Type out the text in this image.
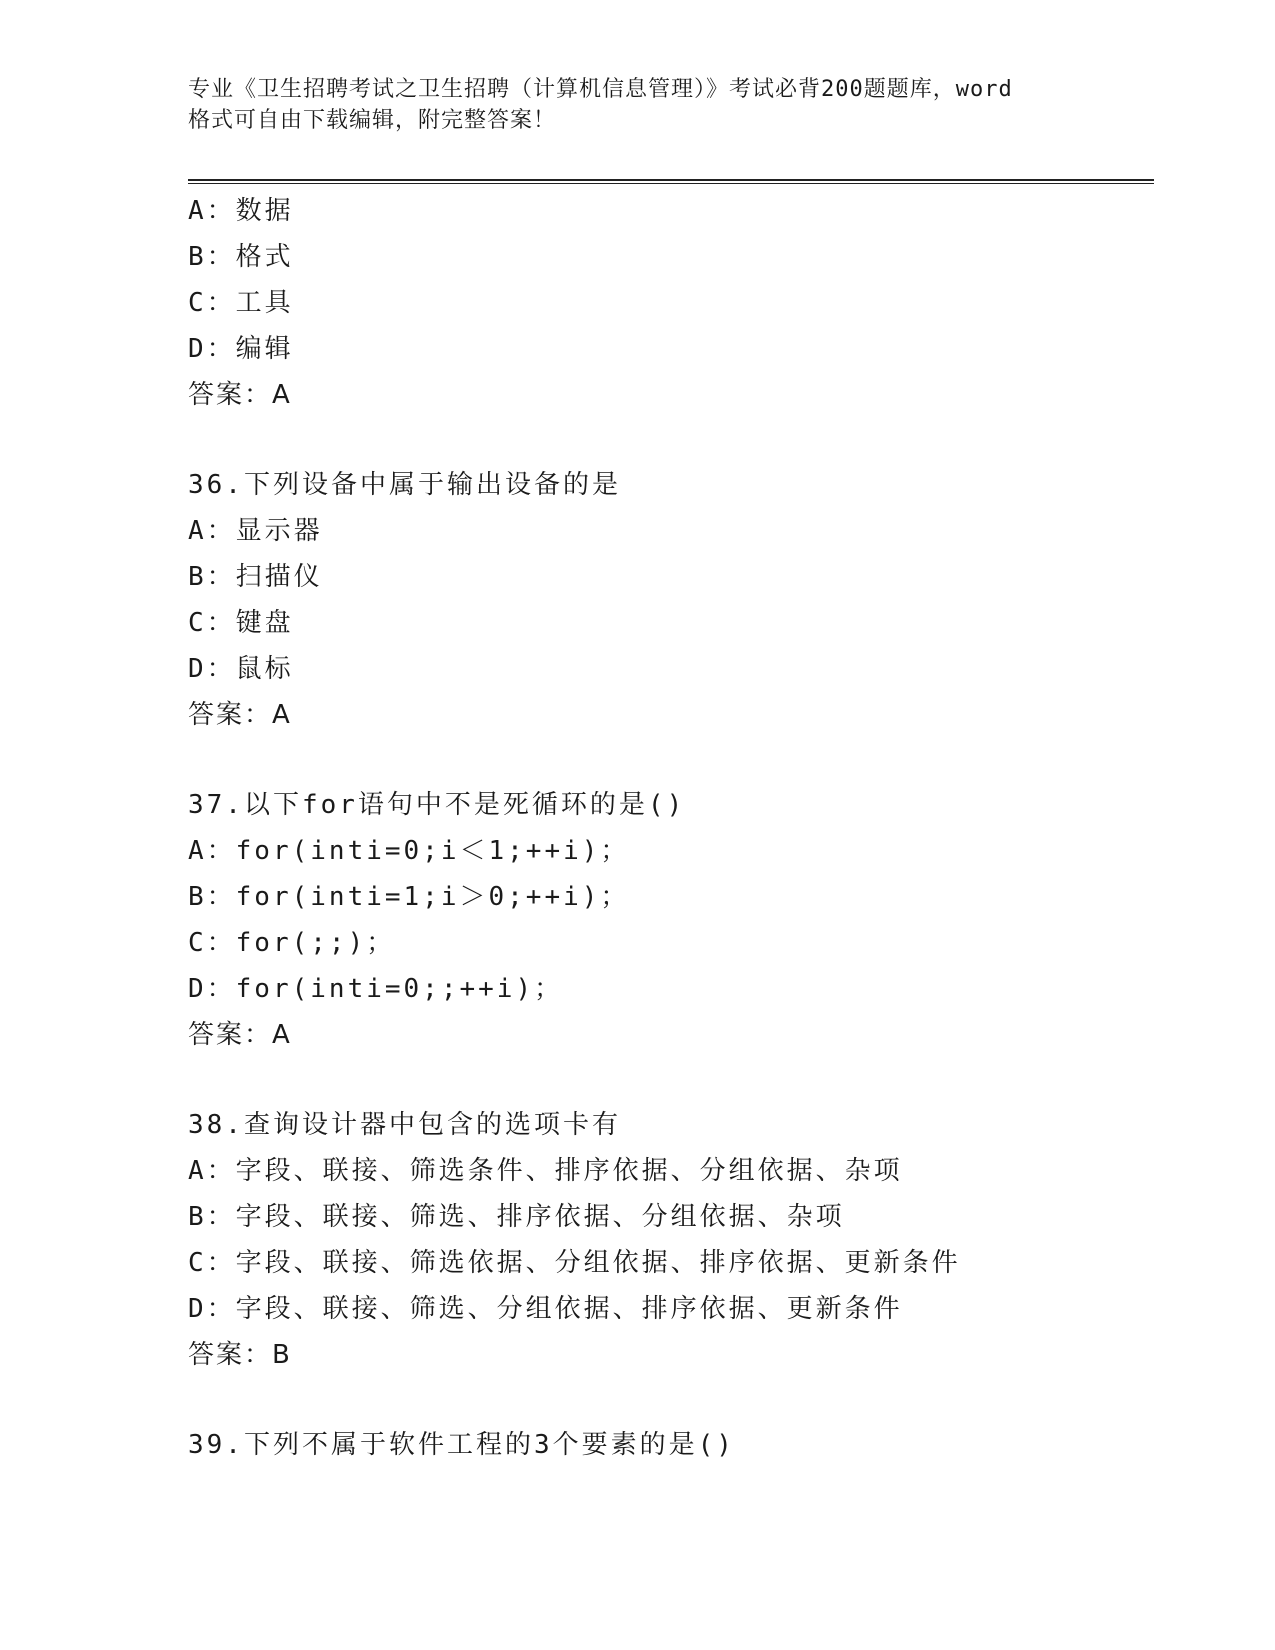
专业《卫生招聘考试之卫生招聘（计算机信息管理）》考试必背200题题库，word
格式可自由下载编辑，附完整答案！
A：数据
B：格式
C：工具
D：编辑
答案：A
36.下列设备中属于输出设备的是
A：显示器
B：扫描仪
C：键盘
D：鼠标
答案：A
37.以下for语句中不是死循环的是()
A：for(inti=0;i＜1;++i)；
B：for(inti=1;i＞0;++i)；
C：for(;;)；
D：for(inti=0;;++i)；
答案：A
38.查询设计器中包含的选项卡有
A：字段、联接、筛选条件、排序依据、分组依据、杂项
B：字段、联接、筛选、排序依据、分组依据、杂项
C：字段、联接、筛选依据、分组依据、排序依据、更新条件
D：字段、联接、筛选、分组依据、排序依据、更新条件
答案：B
39.下列不属于软件工程的3个要素的是()
